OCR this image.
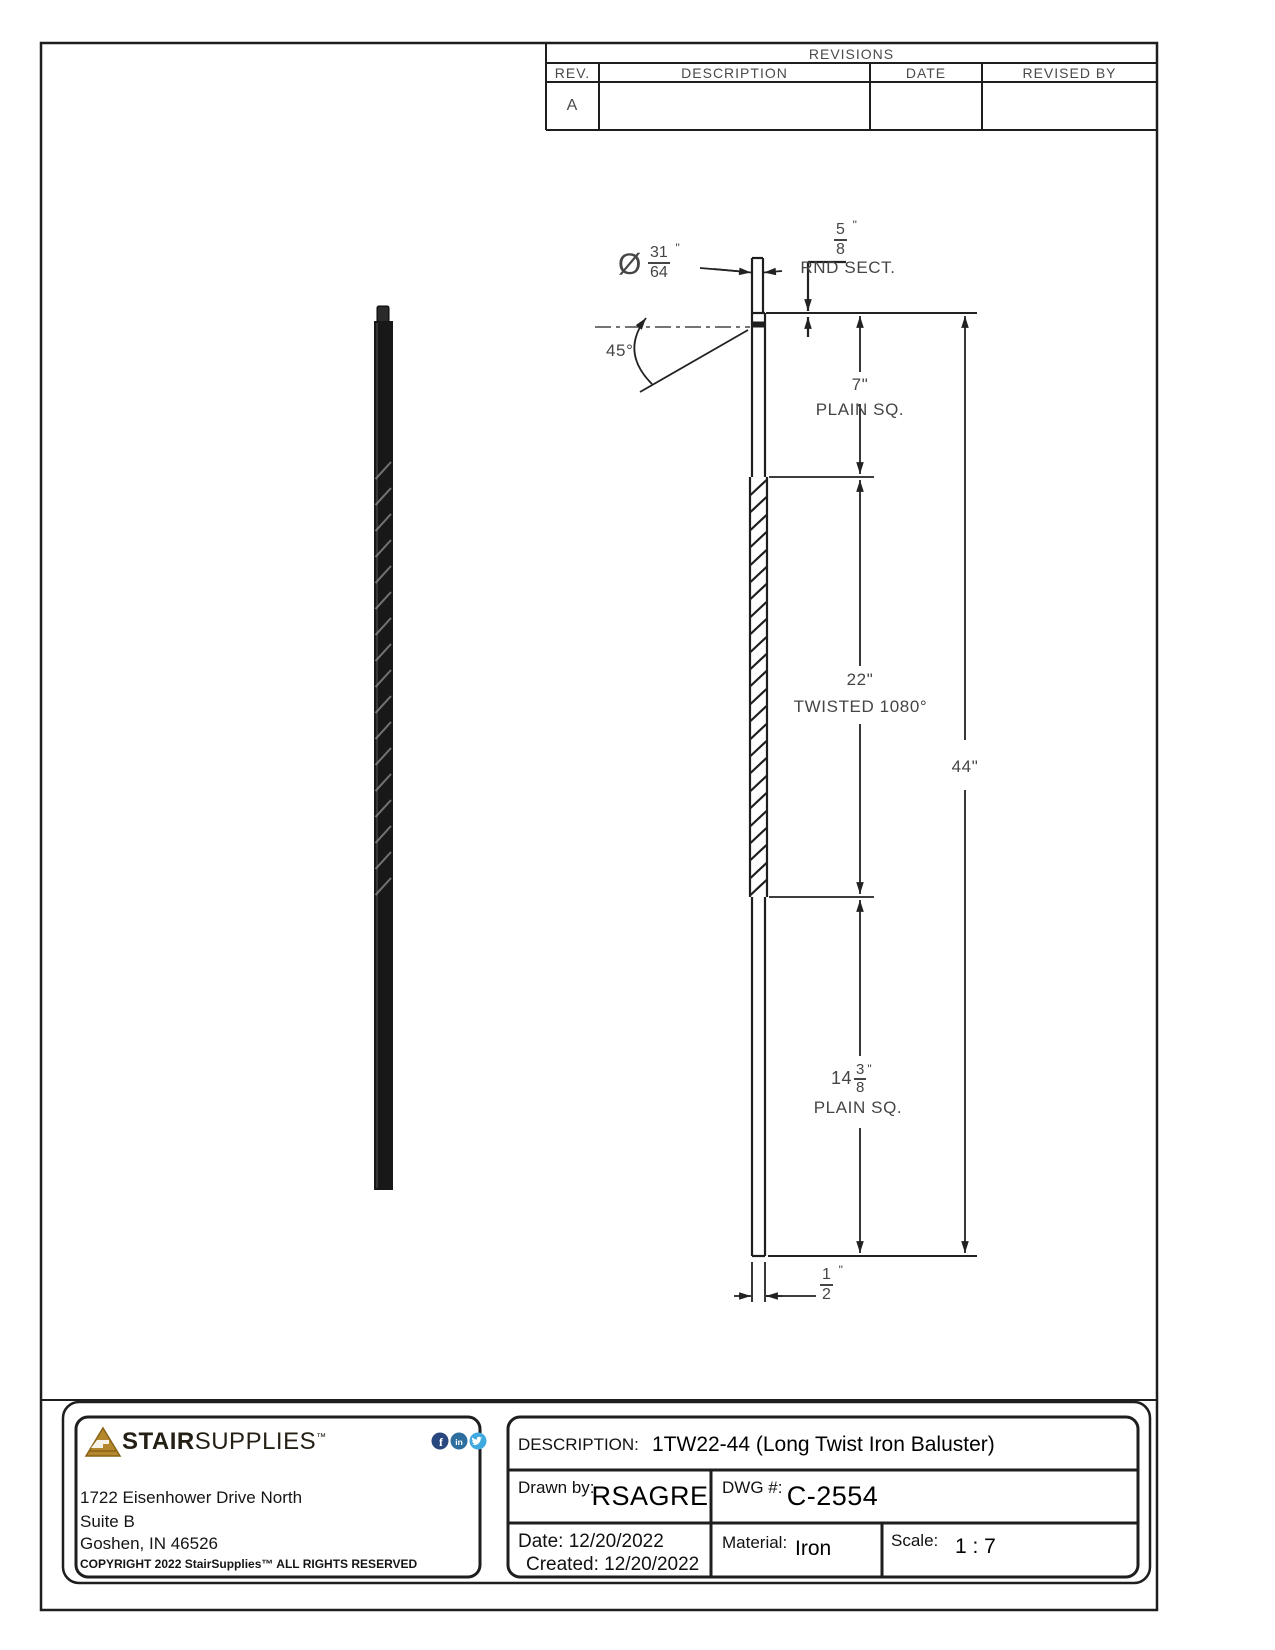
f in
REVISIONS
REV.	DESCRIPTION	DATE	REVISED BY
A
Ø 31
64
"
5
8
"
RND SECT.
45°
7"
PLAIN SQ.
22"
TWISTED 1080°
44"
$14 \frac{3}{8}$ "
PLAIN SQ.
1
2
"
STAIRSUPPLIES™
1722 Eisenhower Drive North
Suite B
Goshen, IN 46526
COPYRIGHT 2022 StairSupplies™ ALL RIGHTS RESERVED
DESCRIPTION: 1TW22-44 (Long Twist Iron Baluster)
Drawn by:
RSAGRE DWG #: C-2554
Date: 12/20/2022
Created: 12/20/2022
Material: Iron	Scale: 1 : 7
